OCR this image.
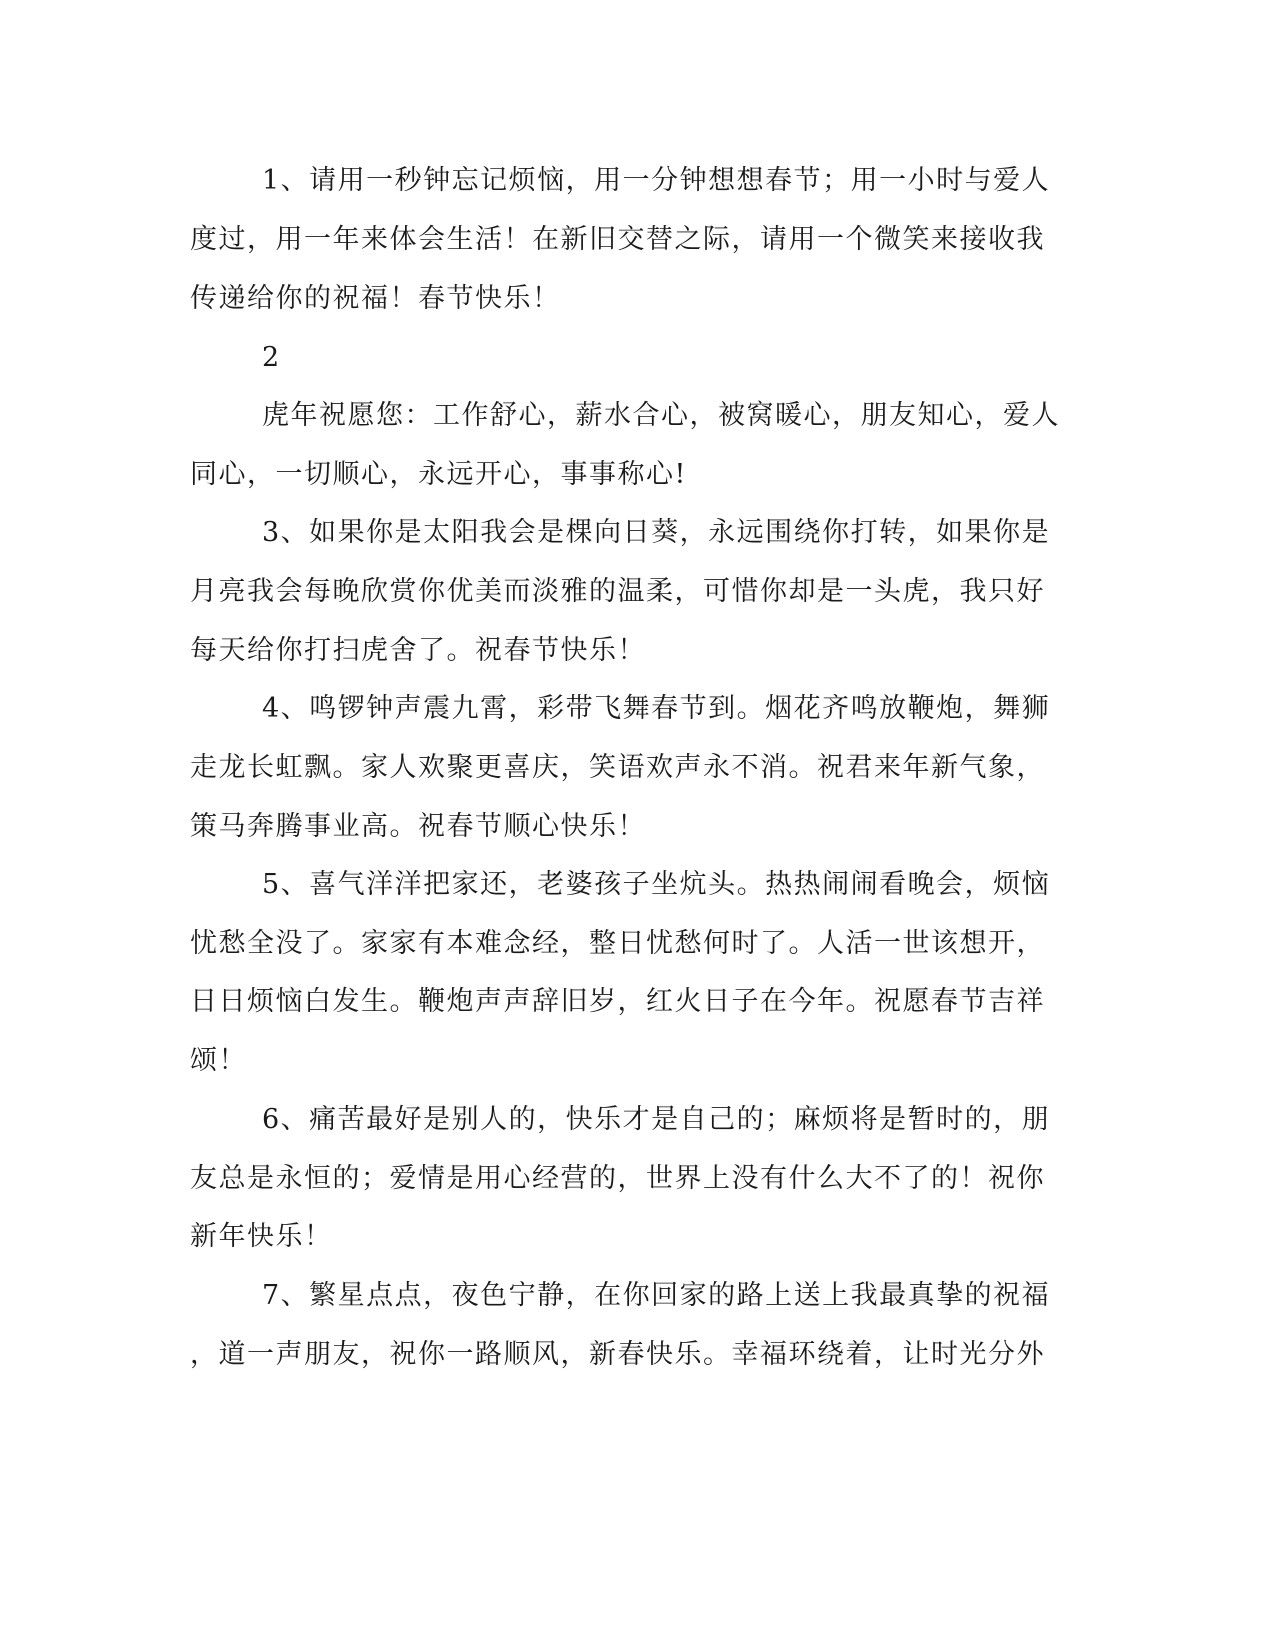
1、请用一秒钟忘记烦恼，用一分钟想想春节；用一小时与爱人

度过，用一年来体会生活！在新旧交替之际，请用一个微笑来接收我

传递给你的祝福！春节快乐！

2

虎年祝愿您：工作舒心，薪水合心，被窝暖心，朋友知心，爱人

同心，一切顺心，永远开心，事事称心!

3、如果你是太阳我会是棵向日葵，永远围绕你打转，如果你是

月亮我会每晚欣赏你优美而淡雅的温柔，可惜你却是一头虎，我只好

每天给你打扫虎舍了。祝春节快乐！

4、鸣锣钟声震九霄，彩带飞舞春节到。烟花齐鸣放鞭炮，舞狮

走龙长虹飘。家人欢聚更喜庆，笑语欢声永不消。祝君来年新气象，

策马奔腾事业高。祝春节顺心快乐！

5、喜气洋洋把家还，老婆孩子坐炕头。热热闹闹看晚会，烦恼

忧愁全没了。家家有本难念经，整日忧愁何时了。人活一世该想开，

日日烦恼白发生。鞭炮声声辞旧岁，红火日子在今年。祝愿春节吉祥

颂！

6、痛苦最好是别人的，快乐才是自己的；麻烦将是暂时的，朋

友总是永恒的；爱情是用心经营的，世界上没有什么大不了的！祝你

新年快乐！

7、繁星点点，夜色宁静，在你回家的路上送上我最真挚的祝福

，道一声朋友，祝你一路顺风，新春快乐。幸福环绕着，让时光分外
